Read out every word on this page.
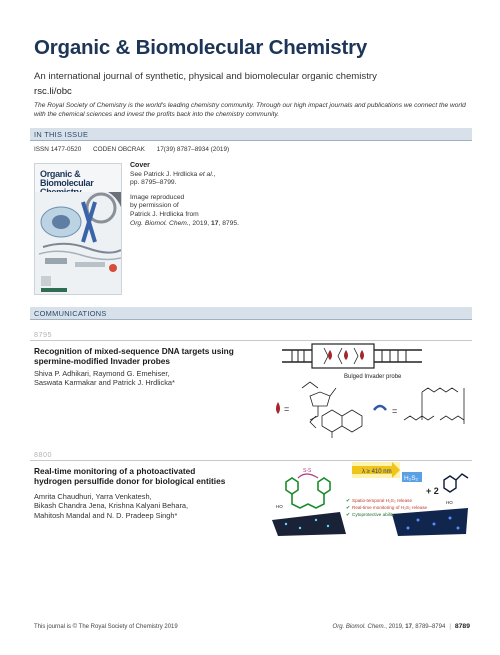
Organic & Biomolecular Chemistry
An international journal of synthetic, physical and biomolecular organic chemistry
rsc.li/obc
The Royal Society of Chemistry is the world's leading chemistry community. Through our high impact journals and publications we connect the world with the chemical sciences and invest the profits back into the chemistry community.
IN THIS ISSUE
ISSN 1477-0520 CODEN OBCRAK 17(39) 8787–8934 (2019)
Organic &
Biomolecular

Cover
See Patrick J. Hrdlicka et al.,
pp. 8795–8799.

Image reproduced
by permission of
Patrick J. Hrdlicka from
Org. Biomol. Chem., 2019, 17, 8795.

COMMUNICATIONS
8795
Recognition of mixed-sequence DNA targets using
spermine-modified Invader probes
Shiva P. Adhikari, Raymond G. Emehiser,
Saswata Karmakar and Patrick J. Hrdlicka*
Bulged Invader probe
=	=
8800
Real-time monitoring of a photoactivated
hydrogen persulfide donor for biological entities
Amrita Chaudhuri, Yarra Venkatesh,
Bikash Chandra Jena, Krishna Kalyani Behara,
Mahitosh Mandal and N. D. Pradeep Singh*
S-S
HO
λ ≥ 410 nm
H₂S₂
+ 2
HO
Spatio-temporal H₂S₂ release
Real-time monitoring of H₂S₂ release
Cytoprotective ability
✔
✔
✔
This journal is © The Royal Society of Chemistry 2019	Org. Biomol. Chem., 2019, 17, 8789–8794 | 8789
